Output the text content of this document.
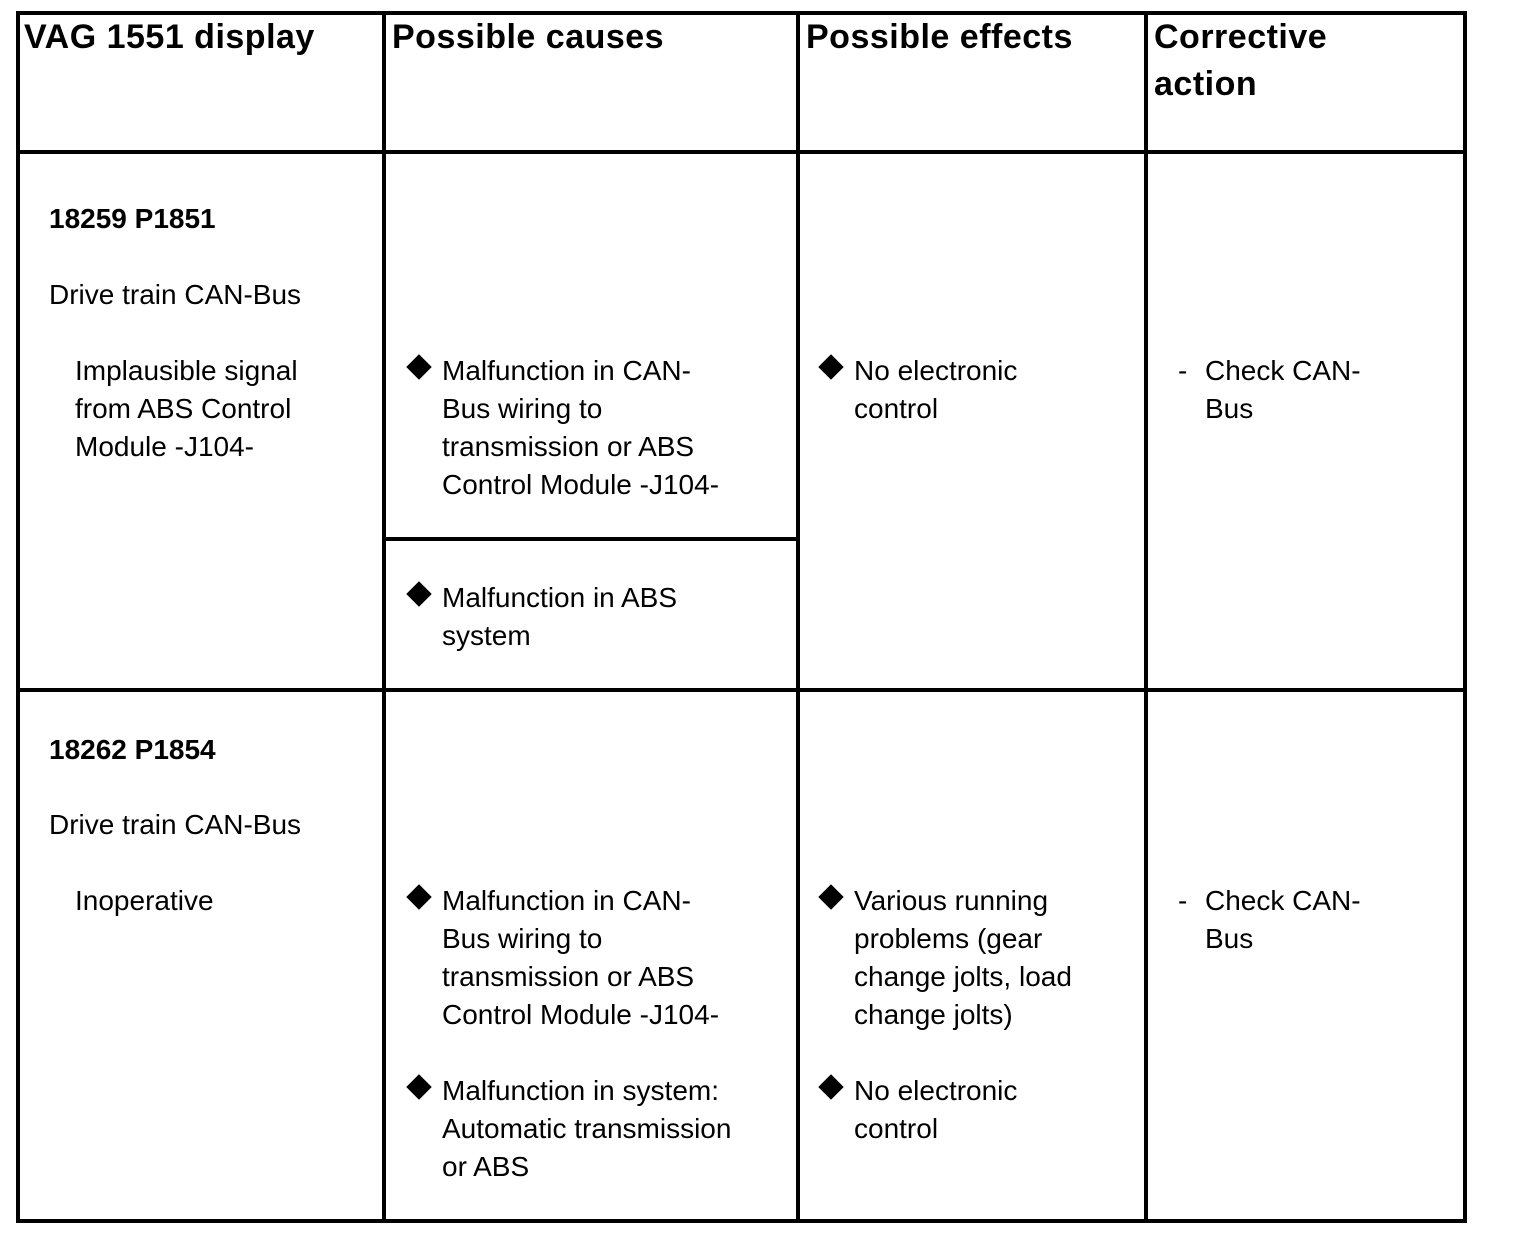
VAG 1551 display Possible causes	Possible effects Corrective
action
18259 P1851
Drive train CAN-Bus
Implausible signal
from ABS Control
Module -J104-
Malfunction in CAN-
Bus wiring to
transmission or ABS
Control Module -J104-
Malfunction in ABS
system
No electronic
control
- Check CAN-
Bus
18262 P1854
Drive train CAN-Bus
Inoperative	Malfunction in CAN-
Bus wiring to
transmission or ABS
Control Module -J104-
Malfunction in system:
Automatic transmission
or ABS
Various running
problems (gear
change jolts, load
change jolts)
No electronic
control
- Check CAN-
Bus
